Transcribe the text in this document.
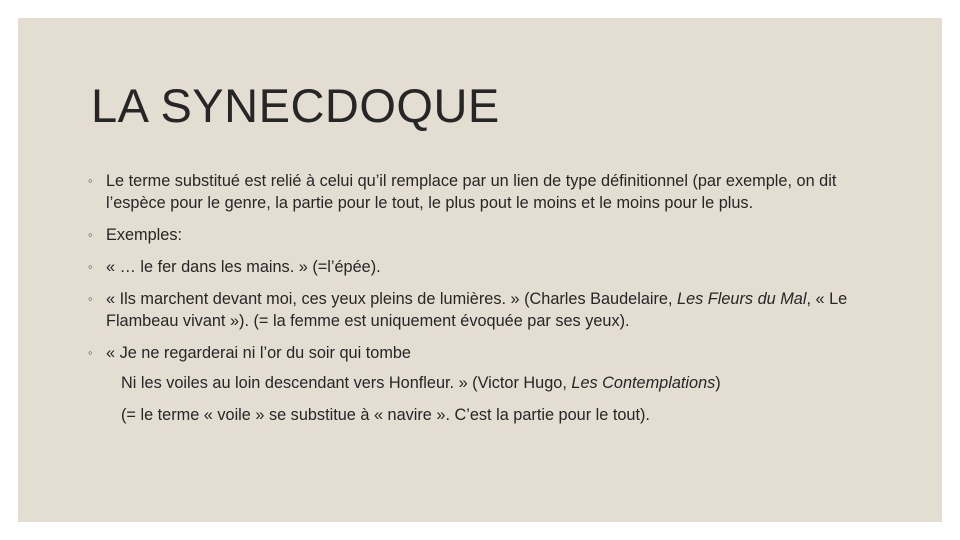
LA SYNECDOQUE
◦ Le terme substitué est relié à celui qu’il remplace par un lien de type définitionnel (par exemple, on dit l’espèce pour le genre, la partie pour le tout, le plus pout le moins et le moins pour le plus.
◦ Exemples:
◦ « … le fer dans les mains. » (=l’épée).
◦ « Ils marchent devant moi, ces yeux pleins de lumières. » (Charles Baudelaire, Les Fleurs du Mal, « Le Flambeau vivant »). (= la femme est uniquement évoquée par ses yeux).
◦ « Je ne regarderai ni l’or du soir qui tombe
Ni les voiles au loin descendant vers Honfleur. » (Victor Hugo, Les Contemplations)
(= le terme « voile » se substitue à « navire ». C’est la partie pour le tout).
